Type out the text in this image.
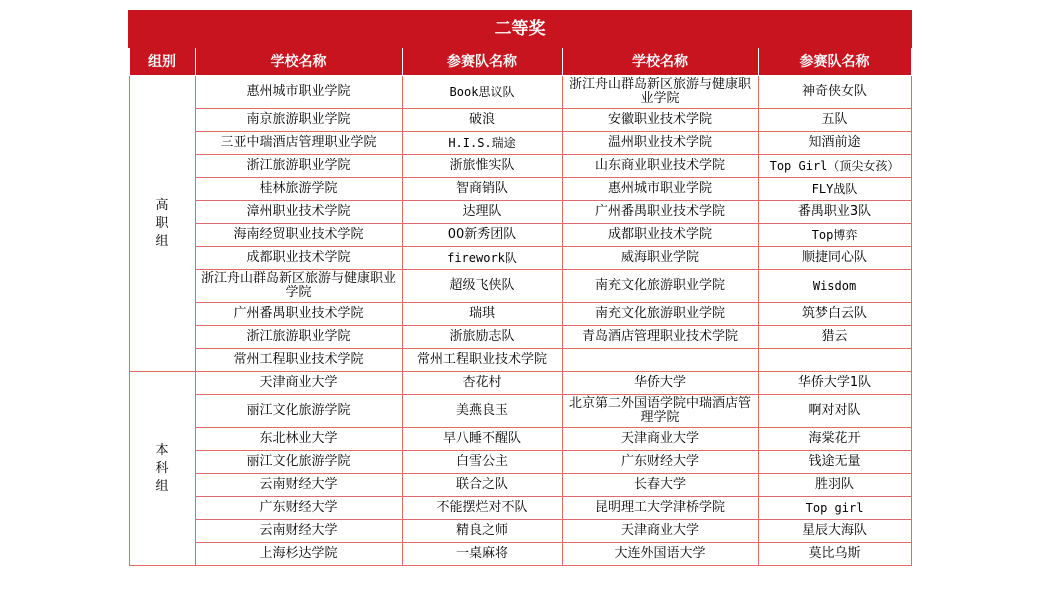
二等奖				
组别	学校名称	参赛队名称	学校名称	参赛队名称

高
职
组	惠州城市职业学院	Book思议队	浙江舟山群岛新区旅游与健康职业学院	神奇侠女队
	南京旅游职业学院	破浪	安徽职业技术学院	五队
	三亚中瑞酒店管理职业学院	H.I.S.瑞途	温州职业技术学院	知酒前途
	浙江旅游职业学院	浙旅惟实队	山东商业职业技术学院	Top Girl（顶尖女孩）
	桂林旅游学院	智商销队	惠州城市职业学院	FLY战队
	漳州职业技术学院	达理队	广州番禺职业技术学院	番禺职业3队
	海南经贸职业技术学院	00新秀团队	成都职业技术学院	Top博弈
	成都职业技术学院	firework队	威海职业学院	顺捷同心队
	浙江舟山群岛新区旅游与健康职业学院	超级飞侠队	南充文化旅游职业学院	Wisdom
	广州番禺职业技术学院	瑞琪	南充文化旅游职业学院	筑梦白云队
	浙江旅游职业学院	浙旅励志队	青岛酒店管理职业技术学院	猎云
	常州工程职业技术学院	常州工程职业技术学院		

本
科
组	天津商业大学	杏花村	华侨大学	华侨大学1队
	丽江文化旅游学院	美燕良玉	北京第二外国语学院中瑞酒店管理学院	啊对对队
	东北林业大学	早八睡不醒队	天津商业大学	海棠花开
	丽江文化旅游学院	白雪公主	广东财经大学	钱途无量
	云南财经大学	联合之队	长春大学	胜羽队
	广东财经大学	不能摆烂对不队	昆明理工大学津桥学院	Top girl
	云南财经大学	精良之师	天津商业大学	星辰大海队
	上海杉达学院	一桌麻将	大连外国语大学	莫比乌斯
